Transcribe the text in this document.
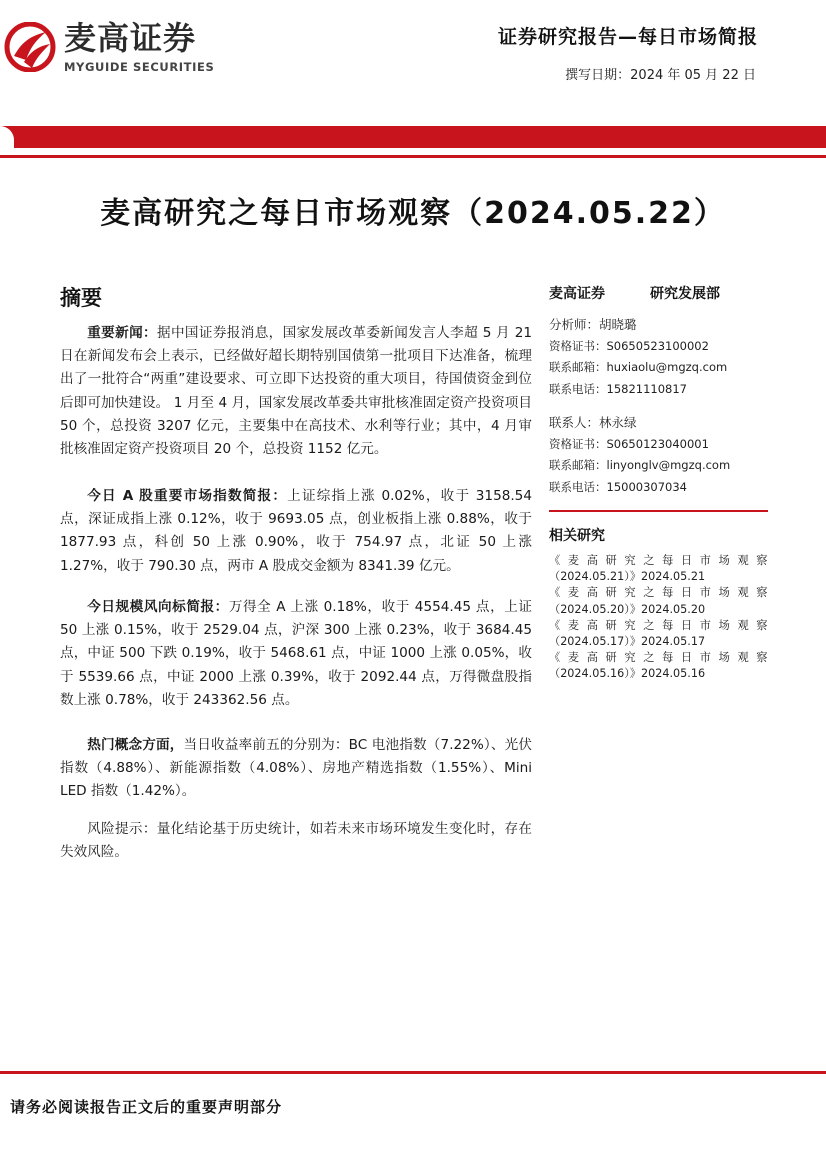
麦高证券
MYGUIDE SECURITIES
证券研究报告—每日市场简报
撰写日期：2024 年 05 月 22 日
麦高研究之每日市场观察（2024.05.22）
摘要

重要新闻：据中国证券报消息，国家发展改革委新闻发言人李超 5 月 21 日在新闻发布会上表示，已经做好超长期特别国债第一批项目下达准备，梳理出了一批符合“两重”建设要求、可立即下达投资的重大项目，待国债资金到位后即可加快建设。 1 月至 4 月，国家发展改革委共审批核准固定资产投资项目 50 个，总投资 3207 亿元，主要集中在高技术、水利等行业；其中，4 月审批核准固定资产投资项目 20 个，总投资 1152 亿元。

今日 A 股重要市场指数简报：上证综指上涨 0.02%，收于 3158.54 点，深证成指上涨 0.12%，收于 9693.05 点，创业板指上涨 0.88%，收于 1877.93 点，科创 50 上涨 0.90%，收于 754.97 点，北证 50 上涨 1.27%，收于 790.30 点，两市 A 股成交金额为 8341.39 亿元。

今日规模风向标简报：万得全 A 上涨 0.18%，收于 4554.45 点，上证 50 上涨 0.15%，收于 2529.04 点，沪深 300 上涨 0.23%，收于 3684.45 点，中证 500 下跌 0.19%，收于 5468.61 点，中证 1000 上涨 0.05%，收于 5539.66 点，中证 2000 上涨 0.39%，收于 2092.44 点，万得微盘股指数上涨 0.78%，收于 243362.56 点。

热门概念方面，当日收益率前五的分别为：BC 电池指数（7.22%）、光伏指数（4.88%）、新能源指数（4.08%）、房地产精选指数（1.55%）、Mini LED 指数（1.42%）。

风险提示：量化结论基于历史统计，如若未来市场环境发生变化时，存在失效风险。

麦高证券	研究发展部
分析师：胡晓璐
资格证书：S0650523100002
联系邮箱：huxiaolu@mgzq.com
联系电话：15821110817
联系人：林永绿
资格证书：S0650123040001
联系邮箱：linyonglv@mgzq.com
联系电话：15000307034
相关研究
《麦高研究之每日市场观察
（2024.05.21）》2024.05.21
《麦高研究之每日市场观察
（2024.05.20）》2024.05.20
《麦高研究之每日市场观察
（2024.05.17）》2024.05.17
《麦高研究之每日市场观察
（2024.05.16）》2024.05.16
请务必阅读报告正文后的重要声明部分
